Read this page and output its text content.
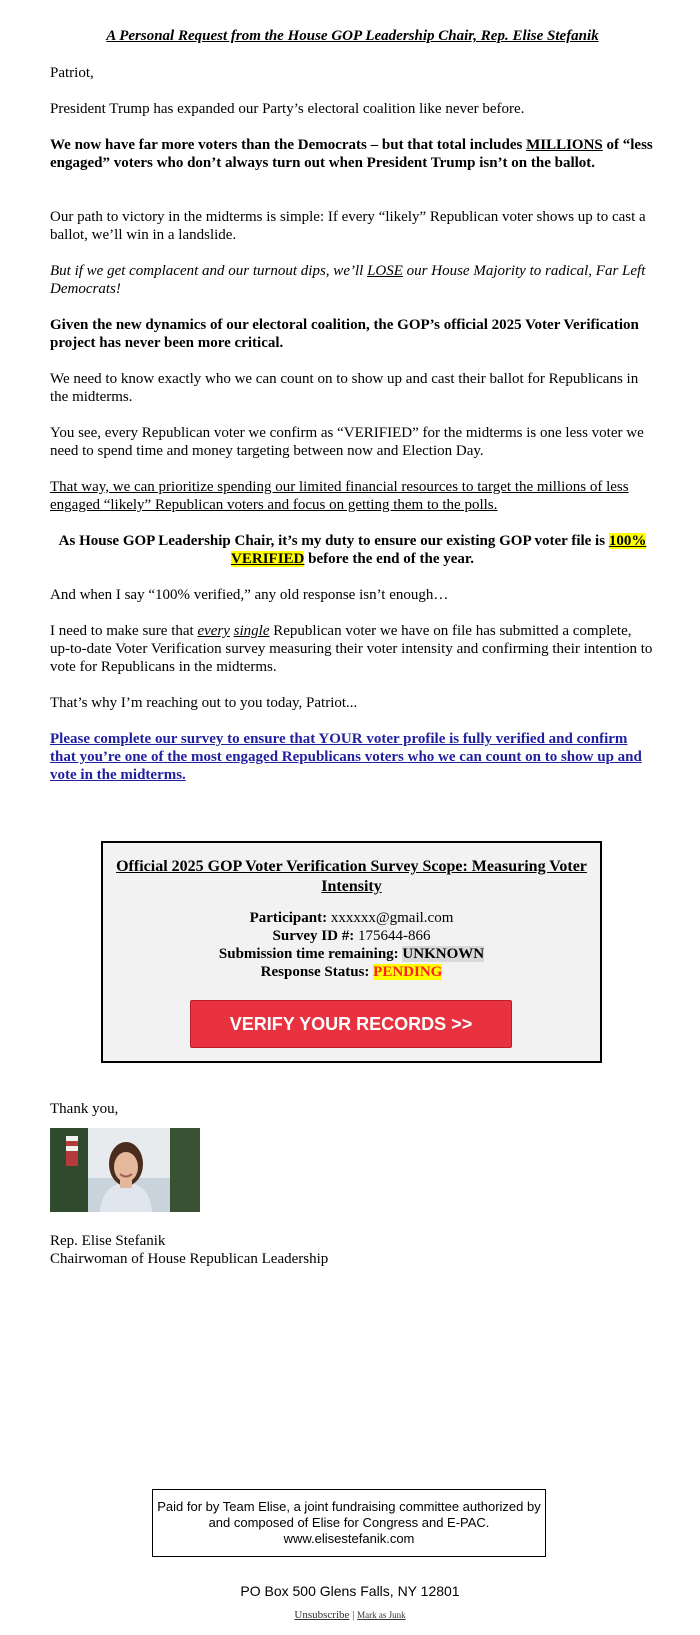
A Personal Request from the House GOP Leadership Chair, Rep. Elise Stefanik

Patriot,

President Trump has expanded our Party’s electoral coalition like never before.

We now have far more voters than the Democrats – but that total includes MILLIONS of “less engaged” voters who don’t always turn out when President Trump isn’t on the ballot.

Our path to victory in the midterms is simple: If every “likely” Republican voter shows up to cast a ballot, we’ll win in a landslide.

But if we get complacent and our turnout dips, we’ll LOSE our House Majority to radical, Far Left Democrats!

Given the new dynamics of our electoral coalition, the GOP’s official 2025 Voter Verification project has never been more critical.

We need to know exactly who we can count on to show up and cast their ballot for Republicans in the midterms.

You see, every Republican voter we confirm as “VERIFIED” for the midterms is one less voter we need to spend time and money targeting between now and Election Day.

That way, we can prioritize spending our limited financial resources to target the millions of less engaged “likely” Republican voters and focus on getting them to the polls.

As House GOP Leadership Chair, it’s my duty to ensure our existing GOP voter file is 100% VERIFIED before the end of the year.

And when I say “100% verified,” any old response isn’t enough…

I need to make sure that every single Republican voter we have on file has submitted a complete, up-to-date Voter Verification survey measuring their voter intensity and confirming their intention to vote for Republicans in the midterms.

That’s why I’m reaching out to you today, Patriot...

Please complete our survey to ensure that YOUR voter profile is fully verified and confirm that you’re one of the most engaged Republicans voters who we can count on to show up and vote in the midterms.

Official 2025 GOP Voter Verification Survey Scope: Measuring Voter Intensity
Participant: xxxxxx@gmail.com
Survey ID #: 175644-866
Submission time remaining: UNKNOWN
Response Status: PENDING
VERIFY YOUR RECORDS >>

Thank you,

Rep. Elise Stefanik

Chairwoman of House Republican Leadership

Paid for by Team Elise, a joint fundraising committee authorized by and composed of Elise for Congress and E-PAC. www.elisestefanik.com
PO Box 500 Glens Falls, NY 12801
Unsubscribe | Mark as Junk
